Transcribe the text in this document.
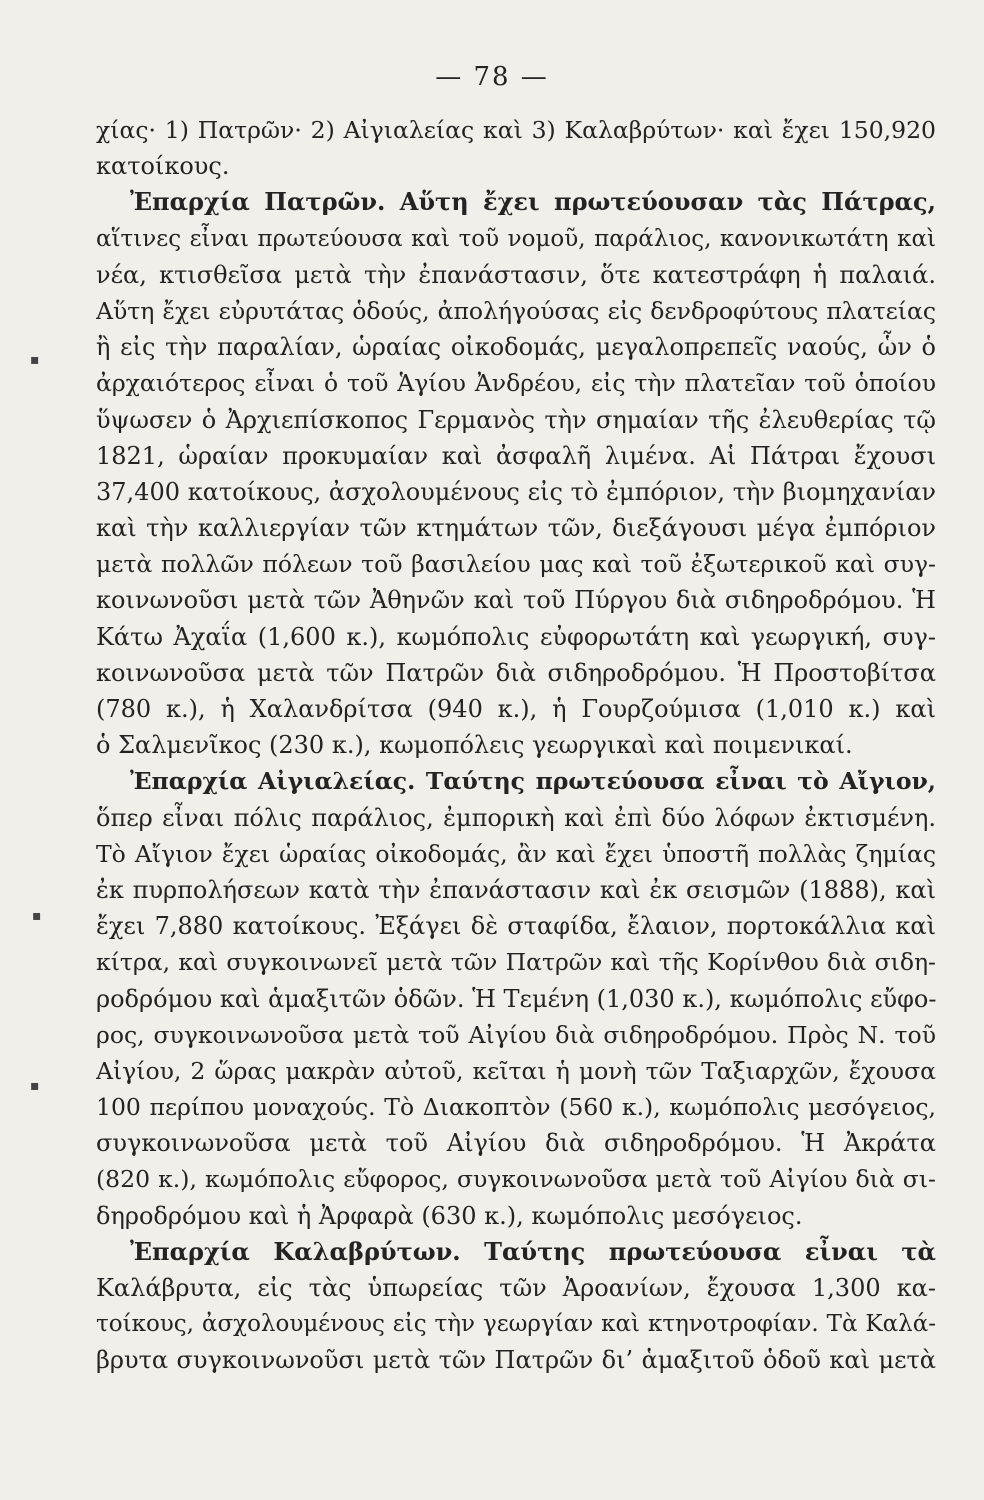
— 78 —
▪
▪
▪
χίας· 1) Πατρῶν· 2) Αἰγιαλείας καὶ 3) Καλαβρύτων· καὶ ἔχει 150,920
κατοίκους.
Ἐπαρχία Πατρῶν. Αὕτη ἔχει πρωτεύουσαν τὰς Πάτρας,
αἵτινες εἶναι πρωτεύουσα καὶ τοῦ νομοῦ, παράλιος, κανονικωτάτη καὶ
νέα, κτισθεῖσα μετὰ τὴν ἐπανάστασιν, ὅτε κατεστράφη ἡ παλαιά.
Αὕτη ἔχει εὐρυτάτας ὁδούς, ἀπολήγούσας εἰς δενδροφύτους πλατείας
ἢ εἰς τὴν παραλίαν, ὡραίας οἰκοδομάς, μεγαλοπρεπεῖς ναούς, ὧν ὁ
ἀρχαιότερος εἶναι ὁ τοῦ Ἁγίου Ἀνδρέου, εἰς τὴν πλατεῖαν τοῦ ὁποίου
ὕψωσεν ὁ Ἀρχιεπίσκοπος Γερμανὸς τὴν σημαίαν τῆς ἐλευθερίας τῷ
1821, ὡραίαν προκυμαίαν καὶ ἀσφαλῆ λιμένα. Αἱ Πάτραι ἔχουσι
37,400 κατοίκους, ἀσχολουμένους εἰς τὸ ἐμπόριον, τὴν βιομηχανίαν
καὶ τὴν καλλιεργίαν τῶν κτημάτων τῶν, διεξάγουσι μέγα ἐμπόριον
μετὰ πολλῶν πόλεων τοῦ βασιλείου μας καὶ τοῦ ἐξωτερικοῦ καὶ συγ-
κοινωνοῦσι μετὰ τῶν Ἀθηνῶν καὶ τοῦ Πύργου διὰ σιδηροδρόμου. Ἡ
Κάτω Ἀχαΐα (1,600 κ.), κωμόπολις εὐφορωτάτη καὶ γεωργική, συγ-
κοινωνοῦσα μετὰ τῶν Πατρῶν διὰ σιδηροδρόμου. Ἡ Προστοβίτσα
(780 κ.), ἡ Χαλανδρίτσα (940 κ.), ἡ Γουρζούμισα (1,010 κ.) καὶ
ὁ Σαλμενῖκος (230 κ.), κωμοπόλεις γεωργικαὶ καὶ ποιμενικαί.
Ἐπαρχία Αἰγιαλείας. Ταύτης πρωτεύουσα εἶναι τὸ Αἴγιον,
ὅπερ εἶναι πόλις παράλιος, ἐμπορικὴ καὶ ἐπὶ δύο λόφων ἐκτισμένη.
Τὸ Αἴγιον ἔχει ὡραίας οἰκοδομάς, ἂν καὶ ἔχει ὑποστῆ πολλὰς ζημίας
ἐκ πυρπολήσεων κατὰ τὴν ἐπανάστασιν καὶ ἐκ σεισμῶν (1888), καὶ
ἔχει 7,880 κατοίκους. Ἐξάγει δὲ σταφίδα, ἔλαιον, πορτοκάλλια καὶ
κίτρα, καὶ συγκοινωνεῖ μετὰ τῶν Πατρῶν καὶ τῆς Κορίνθου διὰ σιδη-
ροδρόμου καὶ ἁμαξιτῶν ὁδῶν. Ἡ Τεμένη (1,030 κ.), κωμόπολις εὔφο-
ρος, συγκοινωνοῦσα μετὰ τοῦ Αἰγίου διὰ σιδηροδρόμου. Πρὸς Ν. τοῦ
Αἰγίου, 2 ὥρας μακρὰν αὐτοῦ, κεῖται ἡ μονὴ τῶν Ταξιαρχῶν, ἔχουσα
100 περίπου μοναχούς. Τὸ Διακοπτὸν (560 κ.), κωμόπολις μεσόγειος,
συγκοινωνοῦσα μετὰ τοῦ Αἰγίου διὰ σιδηροδρόμου. Ἡ Ἀκράτα
(820 κ.), κωμόπολις εὔφορος, συγκοινωνοῦσα μετὰ τοῦ Αἰγίου διὰ σι-
δηροδρόμου καὶ ἡ Ἀρφαρὰ (630 κ.), κωμόπολις μεσόγειος.
Ἐπαρχία Καλαβρύτων. Ταύτης πρωτεύουσα εἶναι τὰ
Καλάβρυτα, εἰς τὰς ὑπωρείας τῶν Ἀροανίων, ἔχουσα 1,300 κα-
τοίκους, ἀσχολουμένους εἰς τὴν γεωργίαν καὶ κτηνοτροφίαν. Τὰ Καλά-
βρυτα συγκοινωνοῦσι μετὰ τῶν Πατρῶν δι’ ἁμαξιτοῦ ὁδοῦ καὶ μετὰ
